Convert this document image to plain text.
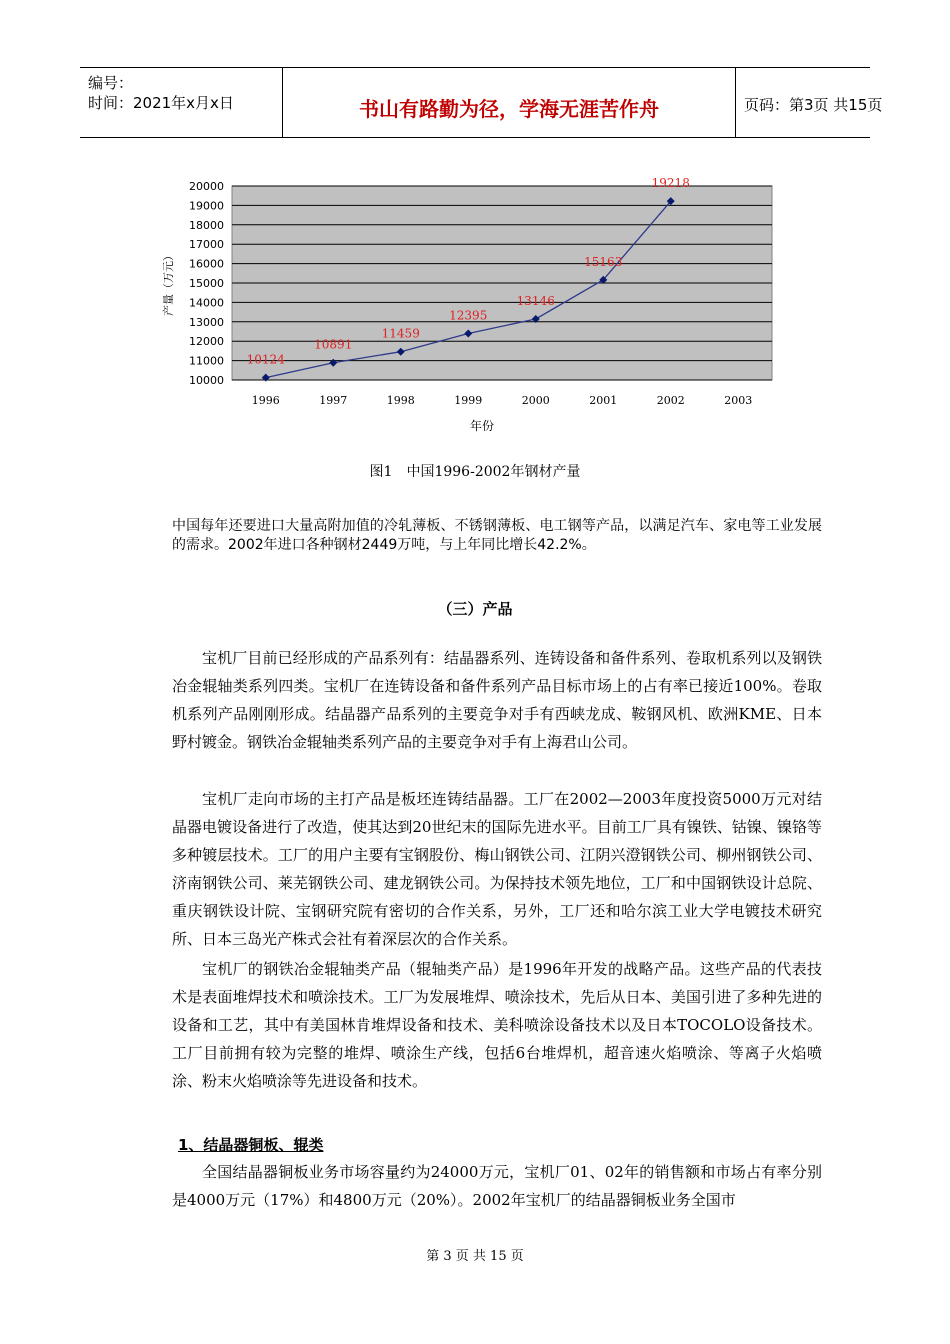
编号：
时间：2021年x月x日	书山有路勤为径，学海无涯苦作舟	页码：第3页 共15页
10000
11000
12000
13000
14000
15000
16000
17000
18000
19000
20000
1996	1997	1998	1999	2000	2001	2002	2003
年份
产量（万元）
10124
10891
11459
12395
13146
15163
19218
图1　中国1996-2002年钢材产量
中国每年还要进口大量高附加值的冷轧薄板、不锈钢薄板、电工钢等产品，以满足汽车、家电等工业发展的需求。2002年进口各种钢材2449万吨，与上年同比增长42.2%。
（三）产品
宝机厂目前已经形成的产品系列有：结晶器系列、连铸设备和备件系列、卷取机系列以及钢铁冶金辊轴类系列四类。宝机厂在连铸设备和备件系列产品目标市场上的占有率已接近100%。卷取机系列产品刚刚形成。结晶器产品系列的主要竞争对手有西峡龙成、鞍钢风机、欧洲KME、日本野村镀金。钢铁冶金辊轴类系列产品的主要竞争对手有上海君山公司。
宝机厂走向市场的主打产品是板坯连铸结晶器。工厂在2002—2003年度投资5000万元对结晶器电镀设备进行了改造，使其达到20世纪末的国际先进水平。目前工厂具有镍铁、钴镍、镍铬等多种镀层技术。工厂的用户主要有宝钢股份、梅山钢铁公司、江阴兴澄钢铁公司、柳州钢铁公司、济南钢铁公司、莱芜钢铁公司、建龙钢铁公司。为保持技术领先地位，工厂和中国钢铁设计总院、重庆钢铁设计院、宝钢研究院有密切的合作关系，另外，工厂还和哈尔滨工业大学电镀技术研究所、日本三岛光产株式会社有着深层次的合作关系。
宝机厂的钢铁冶金辊轴类产品（辊轴类产品）是1996年开发的战略产品。这些产品的代表技术是表面堆焊技术和喷涂技术。工厂为发展堆焊、喷涂技术，先后从日本、美国引进了多种先进的设备和工艺，其中有美国林肯堆焊设备和技术、美科喷涂设备技术以及日本TOCOLO设备技术。工厂目前拥有较为完整的堆焊、喷涂生产线，包括6台堆焊机，超音速火焰喷涂、等离子火焰喷涂、粉末火焰喷涂等先进设备和技术。
1、结晶器铜板、辊类
全国结晶器铜板业务市场容量约为24000万元，宝机厂01、02年的销售额和市场占有率分别是4000万元（17%）和4800万元（20%）。2002年宝机厂的结晶器铜板业务全国市
第 3 页 共 15 页
